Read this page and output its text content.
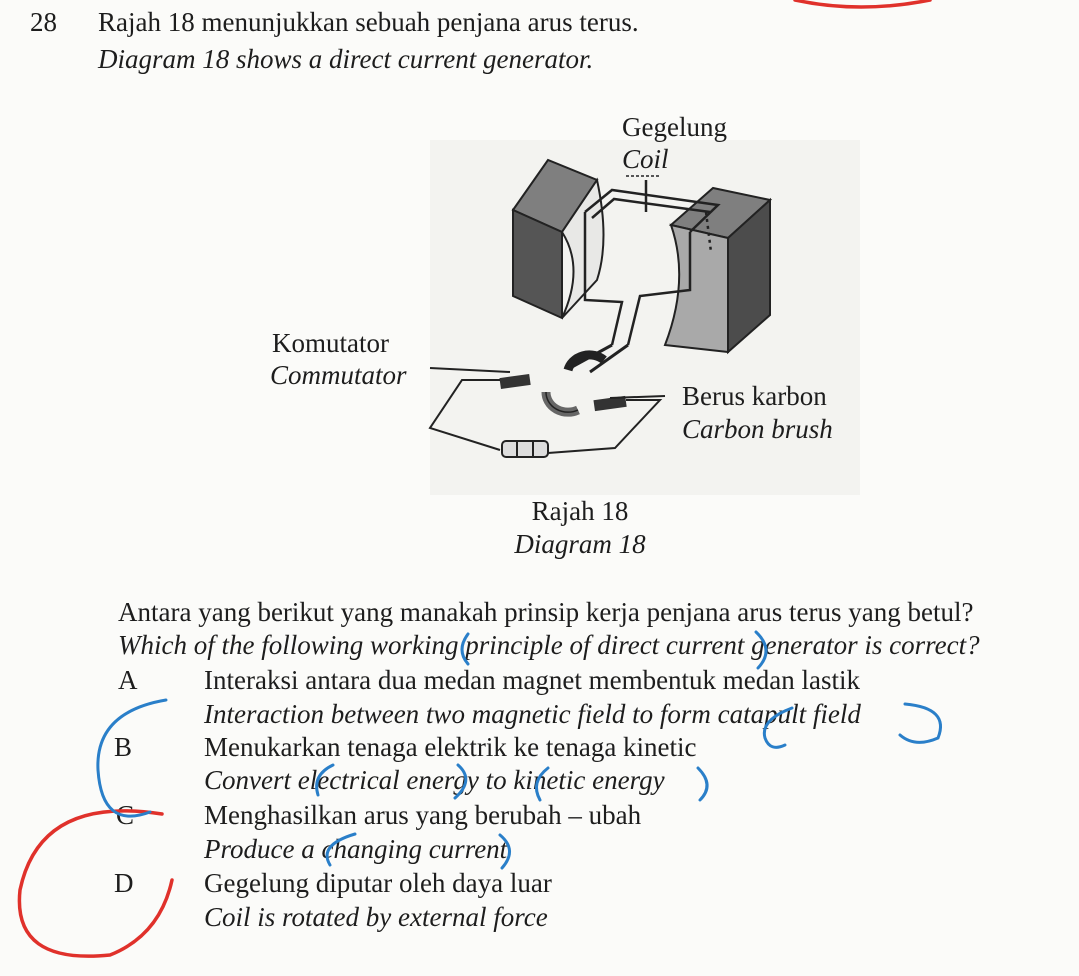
28 Rajah 18 menunjukkan sebuah penjana arus terus.
Diagram 18 shows a direct current generator.
Gegelung
Coil
Komutator
Commutator
Berus karbon
Carbon brush
Rajah 18
Diagram 18
Antara yang berikut yang manakah prinsip kerja penjana arus terus yang betul?
Which of the following working principle of direct current generator is correct?
A Interaksi antara dua medan magnet membentuk medan lastik
Interaction between two magnetic field to form catapult field
B	Menukarkan tenaga elektrik ke tenaga kinetic
Convert electrical energy to kinetic energy
C	Menghasilkan arus yang berubah – ubah
Produce a changing current
D	Gegelung diputar oleh daya luar
Coil is rotated by external force
